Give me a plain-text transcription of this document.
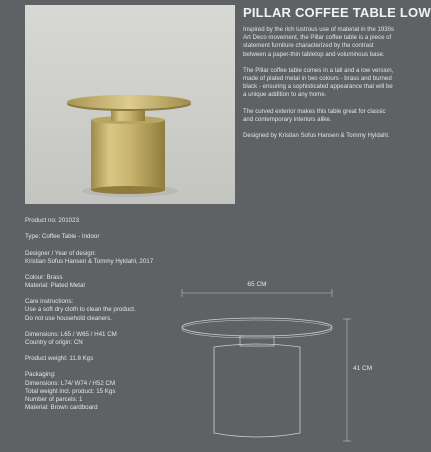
PILLAR COFFEE TABLE LOW

Inspired by the rich lustrous use of material in the 1930s Art Deco movement, the Pillar coffee table is a piece of statement furniture characterized by the contrast between a paper-thin tabletop and voluminous base.

The Pillar coffee table comes in a tall and a low version, made of plated metal in two colours - brass and burned black - ensuring a sophisticated appearance that will be a unique addition to any home.

The curved exterior makes this table great for classic and contemporary interiors alike.

Designed by Kristian Sofus Hansen & Tommy Hyldahl.

Product no: 201023
Type: Coffee Table - Indoor
Designer / Year of design:
Kristian Sofus Hansen & Tommy Hyldahl, 2017
Colour: Brass
Material: Plated Metal
Care instructions:
Use a soft dry cloth to clean the product.
Do not use household cleaners.
Dimensions: L65 / W65 / H41 CM
Country of origin: CN
Product weight: 11.8 Kgs
Packaging:
Dimensions: L74/ W74 / H52 CM
Total weight incl. product: 15 Kgs
Number of parcels: 1
Material: Brown cardboard
65 CM
41 CM
